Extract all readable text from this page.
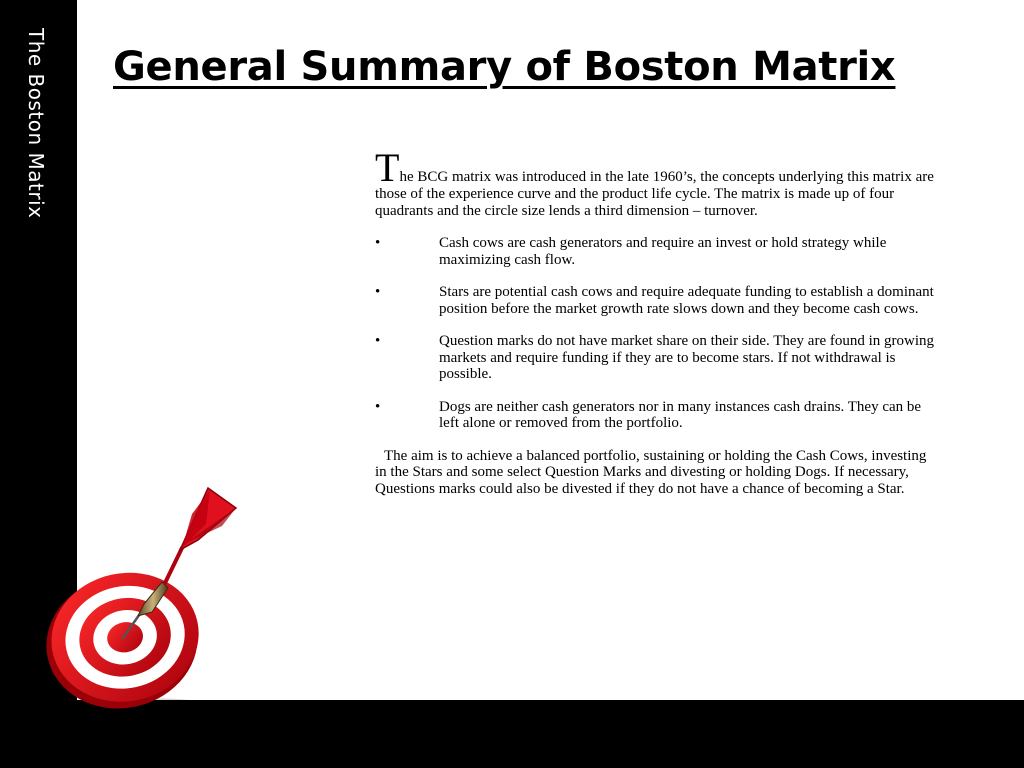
The Boston Matrix General Summary of Boston Matrix

The BCG matrix was introduced in the late 1960’s, the concepts underlying this matrix are those of the experience curve and the product life cycle. The matrix is made up of four quadrants and the circle size lends a third dimension – turnover.

•	Cash cows are cash generators and require an invest or hold strategy while maximizing cash flow.
•	Stars are potential cash cows and require adequate funding to establish a dominant position before the market growth rate slows down and they become cash cows.
•	Question marks do not have market share on their side. They are found in growing markets and require funding if they are to become stars. If not withdrawal is possible.
•	Dogs are neither cash generators nor in many instances cash drains. They can be left alone or removed from the portfolio.

The aim is to achieve a balanced portfolio, sustaining or holding the Cash Cows, investing in the Stars and some select Question Marks and divesting or holding Dogs. If necessary, Questions marks could also be divested if they do not have a chance of becoming a Star.
